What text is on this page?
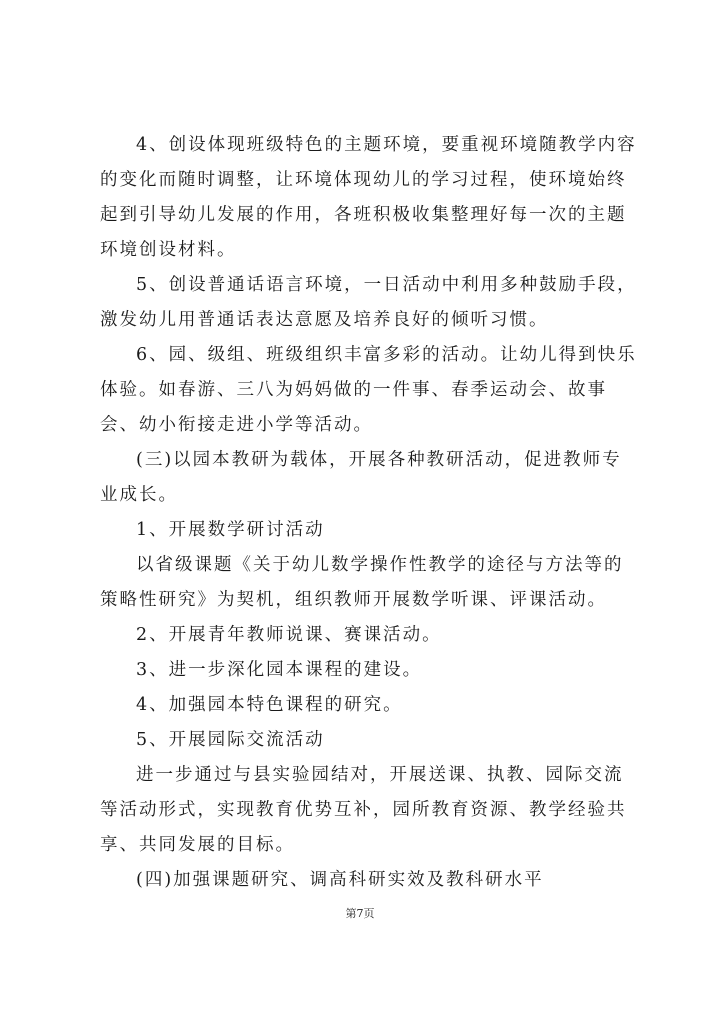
4、创设体现班级特色的主题环境，要重视环境随教学内容
的变化而随时调整，让环境体现幼儿的学习过程，使环境始终
起到引导幼儿发展的作用，各班积极收集整理好每一次的主题
环境创设材料。
5、创设普通话语言环境，一日活动中利用多种鼓励手段，
激发幼儿用普通话表达意愿及培养良好的倾听习惯。
6、园、级组、班级组织丰富多彩的活动。让幼儿得到快乐
体验。如春游、三八为妈妈做的一件事、春季运动会、故事
会、幼小衔接走进小学等活动。
(三)以园本教研为载体，开展各种教研活动，促进教师专
业成长。
1、开展数学研讨活动
以省级课题《关于幼儿数学操作性教学的途径与方法等的
策略性研究》为契机，组织教师开展数学听课、评课活动。
2、开展青年教师说课、赛课活动。
3、进一步深化园本课程的建设。
4、加强园本特色课程的研究。
5、开展园际交流活动
进一步通过与县实验园结对，开展送课、执教、园际交流
等活动形式，实现教育优势互补，园所教育资源、教学经验共
享、共同发展的目标。
(四)加强课题研究、调高科研实效及教科研水平
第7页
